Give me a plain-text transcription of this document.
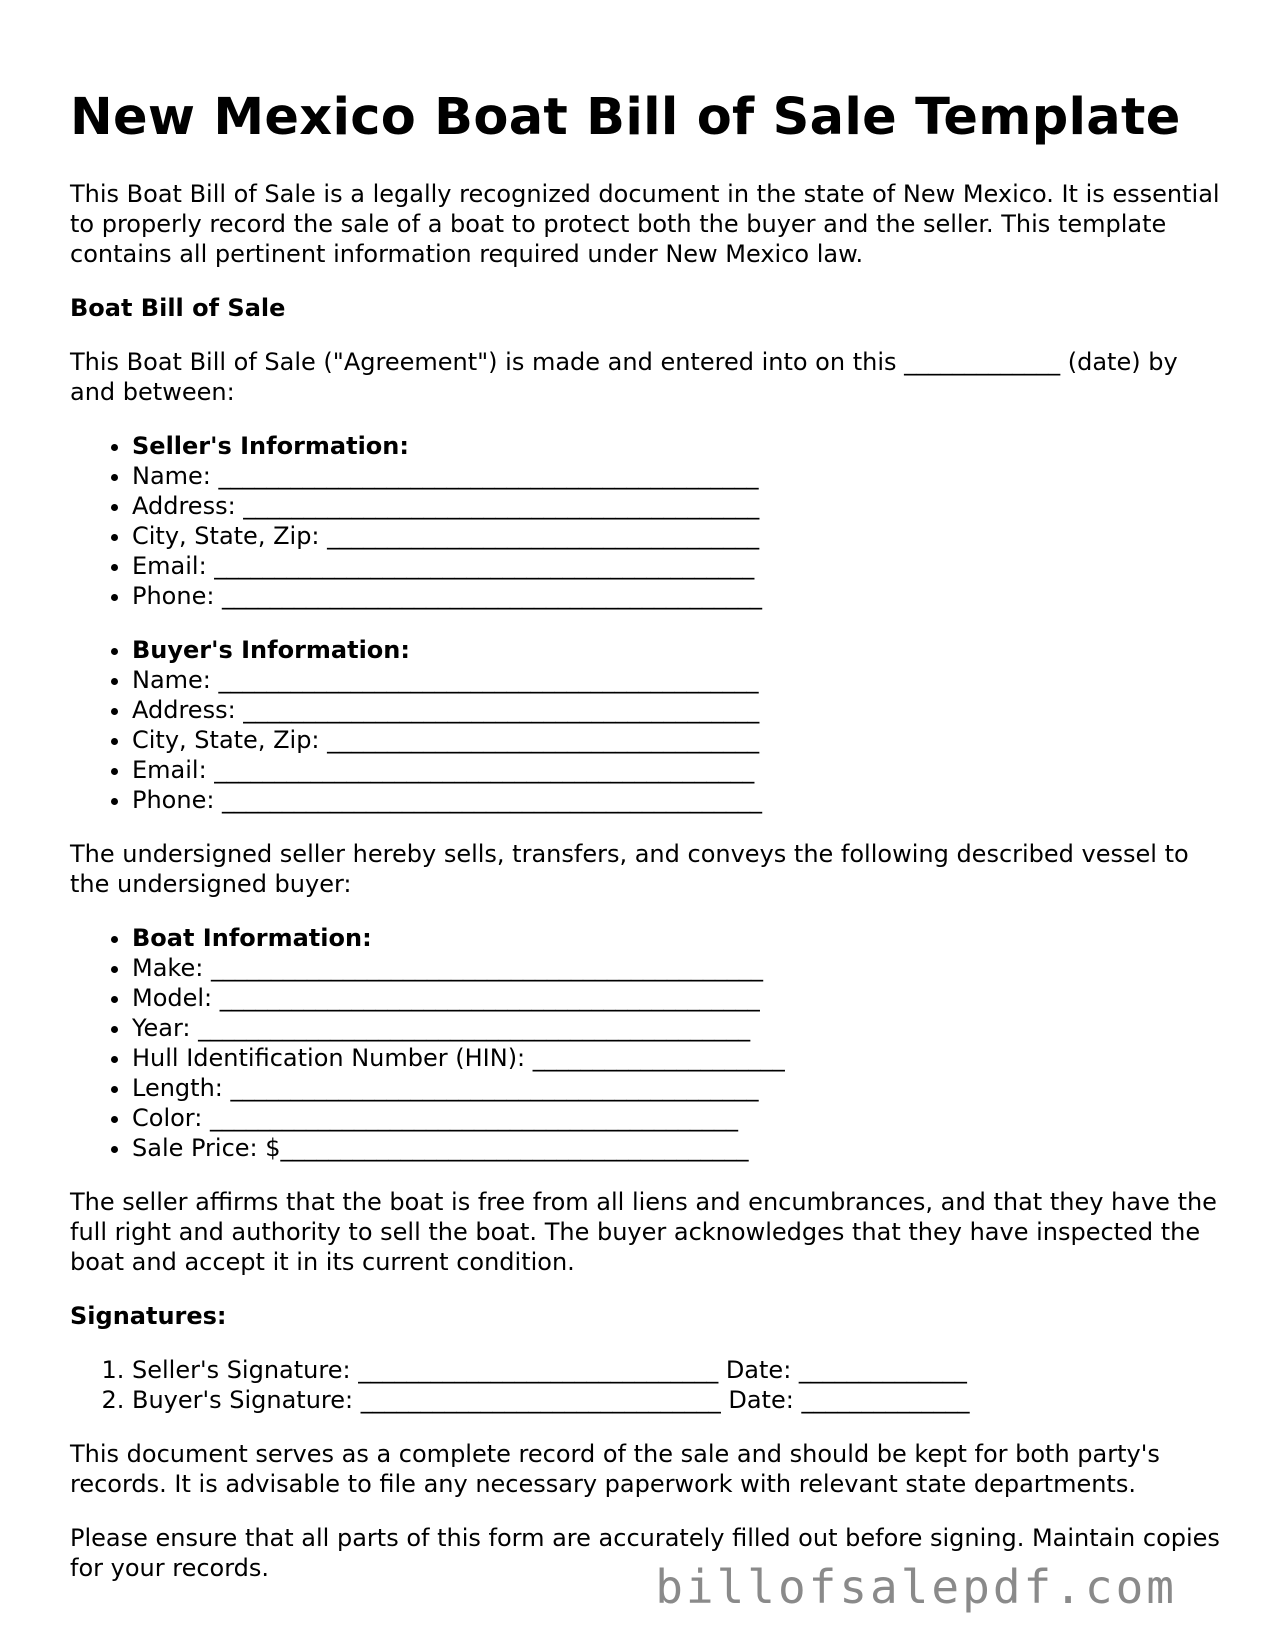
New Mexico Boat Bill of Sale Template

This Boat Bill of Sale is a legally recognized document in the state of New Mexico. It is essential to properly record the sale of a boat to protect both the buyer and the seller. This template contains all pertinent information required under New Mexico law.

Boat Bill of Sale

This Boat Bill of Sale ("Agreement") is made and entered into on this _____________ (date) by and between:

• Seller's Information:
• Name: _____________________________________________
• Address: ___________________________________________
• City, State, Zip: ____________________________________
• Email: _____________________________________________
• Phone: _____________________________________________
• Buyer's Information:
• Name: _____________________________________________
• Address: ___________________________________________
• City, State, Zip: ____________________________________
• Email: _____________________________________________
• Phone: _____________________________________________

The undersigned seller hereby sells, transfers, and conveys the following described vessel to the undersigned buyer:

• Boat Information:
• Make: ______________________________________________
• Model: _____________________________________________
• Year: ______________________________________________
• Hull Identification Number (HIN): _____________________
• Length: ____________________________________________
• Color: ____________________________________________
• Sale Price: $_______________________________________

The seller affirms that the boat is free from all liens and encumbrances, and that they have the full right and authority to sell the boat. The buyer acknowledges that they have inspected the boat and accept it in its current condition.

Signatures:
1. Seller's Signature: ______________________________ Date: ______________
2. Buyer's Signature: ______________________________ Date: ______________

This document serves as a complete record of the sale and should be kept for both party's records. It is advisable to file any necessary paperwork with relevant state departments.

Please ensure that all parts of this form are accurately filled out before signing. Maintain copies for your records.	billofsalepdf.com
